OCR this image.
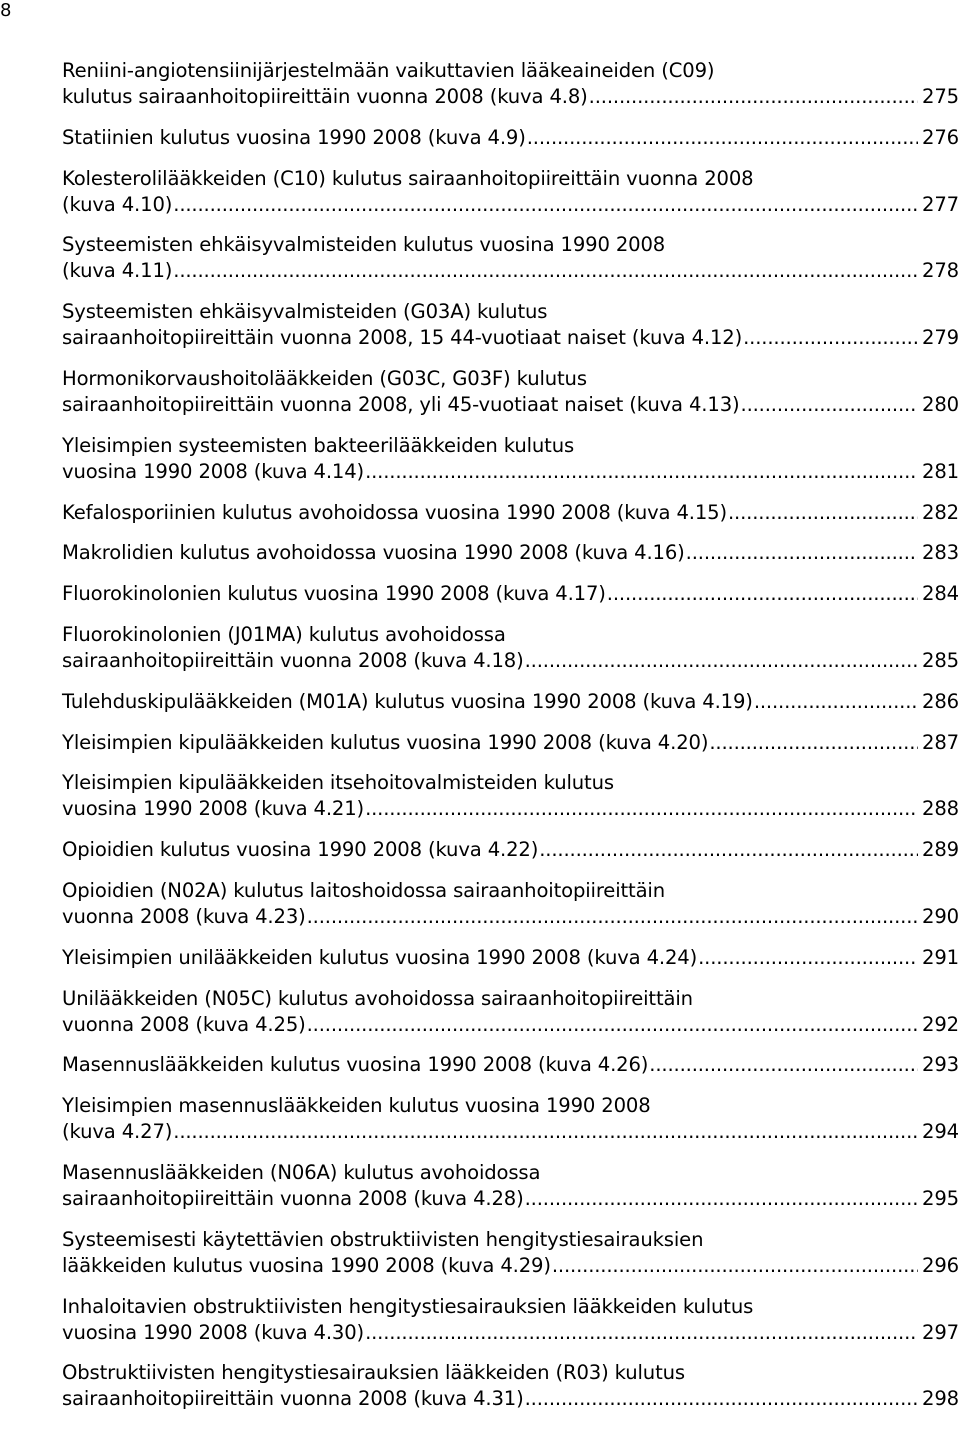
8
Reniini-angiotensiinijärjestelmään vaikuttavien lääkeaineiden (C09)
kulutus sairaanhoitopiireittäin vuonna 2008 (kuva 4.8) . . .	275
Statiinien kulutus vuosina 1990 2008 (kuva 4.9) . . .	276
Kolesterolilääkkeiden (C10) kulutus sairaanhoitopiireittäin vuonna 2008
(kuva 4.10) . . .	277
Systeemisten ehkäisyvalmisteiden kulutus vuosina 1990 2008
(kuva 4.11) . . .	278
Systeemisten ehkäisyvalmisteiden (G03A) kulutus
sairaanhoitopiireittäin vuonna 2008, 15 44-vuotiaat naiset (kuva 4.12) . . .	279
Hormonikorvaushoitolääkkeiden (G03C, G03F) kulutus
sairaanhoitopiireittäin vuonna 2008, yli 45-vuotiaat naiset (kuva 4.13) . . .	280
Yleisimpien systeemisten bakteerilääkkeiden kulutus
vuosina 1990 2008 (kuva 4.14) . . .	281
Kefalosporiinien kulutus avohoidossa vuosina 1990 2008 (kuva 4.15) . . .	282
Makrolidien kulutus avohoidossa vuosina 1990 2008 (kuva 4.16) . . .	283
Fluorokinolonien kulutus vuosina 1990 2008 (kuva 4.17) . . .	284
Fluorokinolonien (J01MA) kulutus avohoidossa
sairaanhoitopiireittäin vuonna 2008 (kuva 4.18) . . .	285
Tulehduskipulääkkeiden (M01A) kulutus vuosina 1990 2008 (kuva 4.19) . . .	286
Yleisimpien kipulääkkeiden kulutus vuosina 1990 2008 (kuva 4.20) . . .	287
Yleisimpien kipulääkkeiden itsehoitovalmisteiden kulutus
vuosina 1990 2008 (kuva 4.21) . . .	288
Opioidien kulutus vuosina 1990 2008 (kuva 4.22) . . .	289
Opioidien (N02A) kulutus laitoshoidossa sairaanhoitopiireittäin
vuonna 2008 (kuva 4.23) . . .	290
Yleisimpien unilääkkeiden kulutus vuosina 1990 2008 (kuva 4.24) . . .	291
Unilääkkeiden (N05C) kulutus avohoidossa sairaanhoitopiireittäin
vuonna 2008 (kuva 4.25) . . .	292
Masennuslääkkeiden kulutus vuosina 1990 2008 (kuva 4.26) . . .	293
Yleisimpien masennuslääkkeiden kulutus vuosina 1990 2008
(kuva 4.27) . . .	294
Masennuslääkkeiden (N06A) kulutus avohoidossa
sairaanhoitopiireittäin vuonna 2008 (kuva 4.28) . . .	295
Systeemisesti käytettävien obstruktiivisten hengitystiesairauksien
lääkkeiden kulutus vuosina 1990 2008 (kuva 4.29) . . .	296
Inhaloitavien obstruktiivisten hengitystiesairauksien lääkkeiden kulutus
vuosina 1990 2008 (kuva 4.30) . . .	297
Obstruktiivisten hengitystiesairauksien lääkkeiden (R03) kulutus
sairaanhoitopiireittäin vuonna 2008 (kuva 4.31) . . .	298
